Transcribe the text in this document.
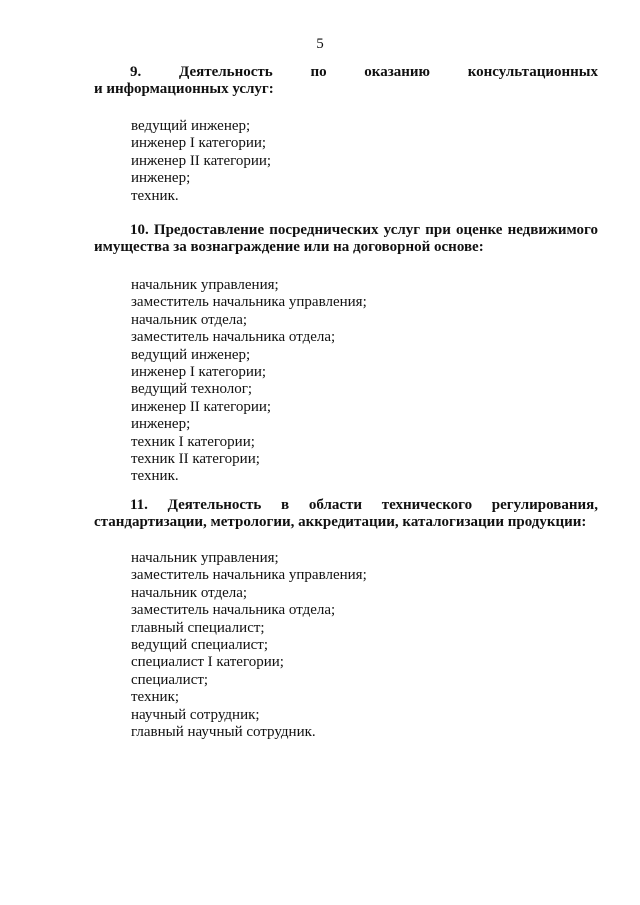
5

9. Деятельность по оказанию консультационных
и информационных услуг:

ведущий инженер;
инженер I категории;
инженер II категории;
инженер;
техник.

10. Предоставление посреднических услуг при оценке недвижимого
имущества за вознаграждение или на договорной основе:

начальник управления;
заместитель начальника управления;
начальник отдела;
заместитель начальника отдела;
ведущий инженер;
инженер I категории;
ведущий технолог;
инженер II категории;
инженер;
техник I категории;
техник II категории;
техник.

11. Деятельность в области технического регулирования,
стандартизации, метрологии, аккредитации, каталогизации продукции:

начальник управления;
заместитель начальника управления;
начальник отдела;
заместитель начальника отдела;
главный специалист;
ведущий специалист;
специалист I категории;
специалист;
техник;
научный сотрудник;
главный научный сотрудник.
